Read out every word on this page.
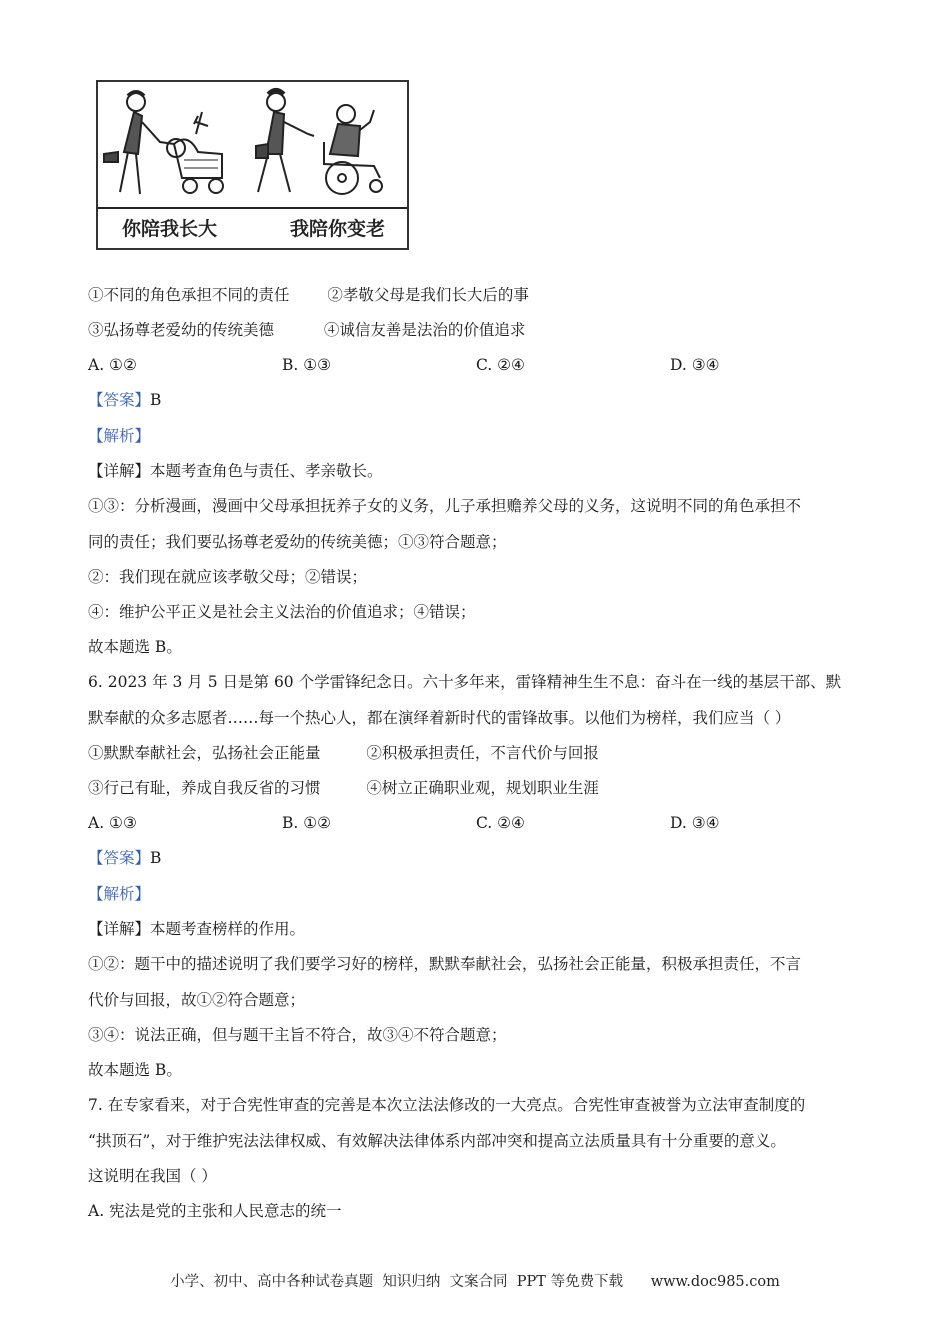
你陪我长大	我陪你变老
①不同的角色承担不同的责任 ②孝敬父母是我们长大后的事
③弘扬尊老爱幼的传统美德	④诚信友善是法治的价值追求
A. ①②	B. ①③	C. ②④	D. ③④
【答案】B
【解析】
【详解】本题考查角色与责任、孝亲敬长。
①③：分析漫画，漫画中父母承担抚养子女的义务，儿子承担赡养父母的义务，这说明不同的角色承担不
同的责任；我们要弘扬尊老爱幼的传统美德；①③符合题意；
②：我们现在就应该孝敬父母；②错误；
④：维护公平正义是社会主义法治的价值追求；④错误；
故本题选 B。
6. 2023 年 3 月 5 日是第 60 个学雷锋纪念日。六十多年来，雷锋精神生生不息：奋斗在一线的基层干部、默
默奉献的众多志愿者……每一个热心人，都在演绎着新时代的雷锋故事。以他们为榜样，我们应当（ ）
①默默奉献社会，弘扬社会正能量	②积极承担责任，不言代价与回报
③行己有耻，养成自我反省的习惯	④树立正确职业观，规划职业生涯
A. ①③	B. ①②	C. ②④	D. ③④
【答案】B
【解析】
【详解】本题考查榜样的作用。
①②：题干中的描述说明了我们要学习好的榜样，默默奉献社会，弘扬社会正能量，积极承担责任，不言
代价与回报，故①②符合题意；
③④：说法正确，但与题干主旨不符合，故③④不符合题意；
故本题选 B。
7. 在专家看来，对于合宪性审查的完善是本次立法法修改的一大亮点。合宪性审查被誉为立法审查制度的
“拱顶石”，对于维护宪法法律权威、有效解决法律体系内部冲突和提高立法质量具有十分重要的意义。
这说明在我国（ ）
A. 宪法是党的主张和人民意志的统一
小学、初中、高中各种试卷真题  知识归纳  文案合同  PPT 等免费下载      www.doc985.com
